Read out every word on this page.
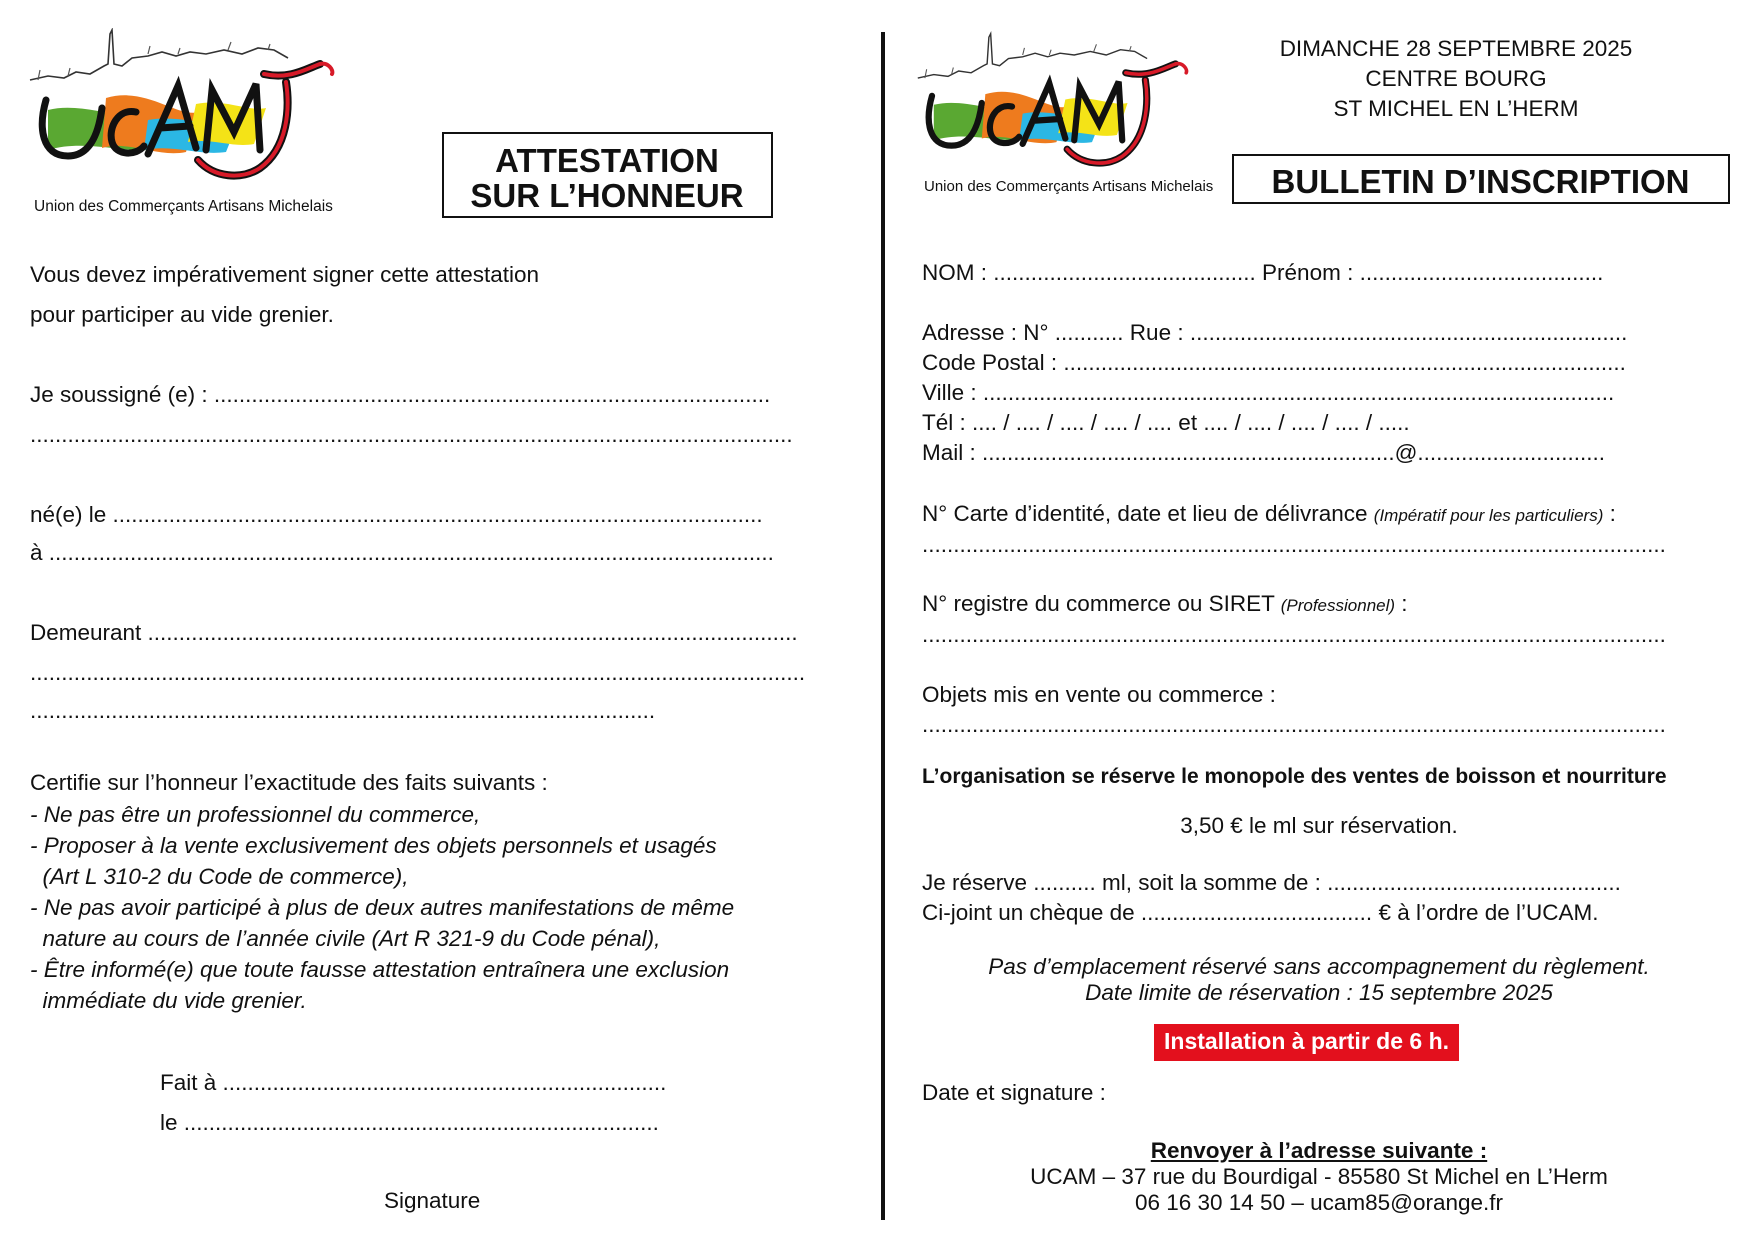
Union des Commerçants Artisans Michelais
ATTESTATION
SUR L’HONNEUR
Vous devez impérativement signer cette attestation
pour participer au vide grenier.
Je soussigné (e) : .........................................................................................
..........................................................................................................................
né(e) le ........................................................................................................
à ....................................................................................................................
Demeurant ........................................................................................................
............................................................................................................................
....................................................................................................
Certifie sur l’honneur l’exactitude des faits suivants :
- Ne pas être un professionnel du commerce,
- Proposer à la vente exclusivement des objets personnels et usagés
(Art L 310-2 du Code de commerce),
- Ne pas avoir participé à plus de deux autres manifestations de même
nature au cours de l’année civile (Art R 321-9 du Code pénal),
- Être informé(e) que toute fausse attestation entraînera une exclusion
immédiate du vide grenier.
Fait à .......................................................................
le ............................................................................
Signature
Union des Commerçants Artisans Michelais
DIMANCHE 28 SEPTEMBRE 2025
CENTRE BOURG
ST MICHEL EN L’HERM
BULLETIN D’INSCRIPTION
NOM : .......................................... Prénom : .......................................
Adresse : N° ........... Rue : ......................................................................
Code Postal : ..........................................................................................
Ville : .....................................................................................................
Tél : .... / .... / .... / .... / .... et .... / .... / .... / .... / .....
Mail : ..................................................................@..............................
N° Carte d’identité, date et lieu de délivrance (Impératif pour les particuliers) :
.......................................................................................................................
N° registre du commerce ou SIRET (Professionnel) :
.......................................................................................................................
Objets mis en vente ou commerce :
.......................................................................................................................
L’organisation se réserve le monopole des ventes de boisson et nourriture
3,50 € le ml sur réservation.
Je réserve .......... ml, soit la somme de : ...............................................
Ci-joint un chèque de ..................................... € à l’ordre de l’UCAM.
Pas d’emplacement réservé sans accompagnement du règlement.
Date limite de réservation : 15 septembre 2025
Installation à partir de 6 h.
Date et signature :
Renvoyer à l’adresse suivante :
UCAM – 37 rue du Bourdigal - 85580 St Michel en L’Herm
06 16 30 14 50 – ucam85@orange.fr
